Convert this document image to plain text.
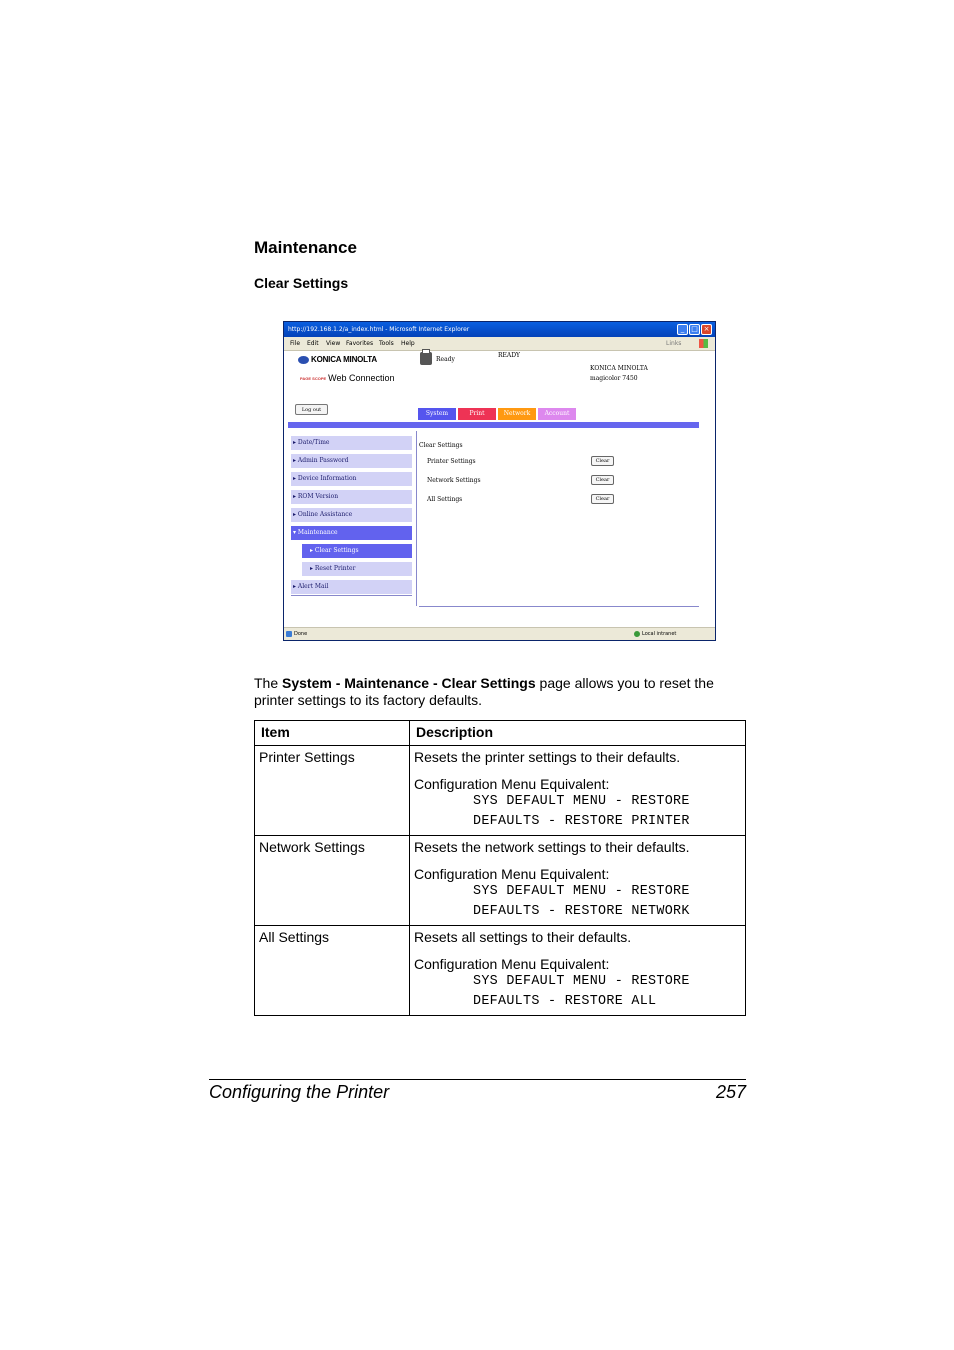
Maintenance
Clear Settings
http://192.168.1.2/a_index.html - Microsoft Internet Explorer	_ □ ×
File Edit View Favorites Tools Help	Links
KONICA MINOLTA
PAGE SCOPE Web Connection
Ready
READY
KONICA MINOLTA
magicolor 7450
Log out	System	Print	Network	Account
▸ Date/Time
▸ Admin Password
▸ Device Information
▸ ROM Version
▸ Online Assistance
▾ Maintenance
▸ Clear Settings
▸ Reset Printer
▸ Alert Mail
Clear Settings
Printer Settings	Clear
Network Settings	Clear
All Settings	Clear
Done	Local intranet
The System - Maintenance - Clear Settings page allows you to reset the printer settings to its factory defaults.
Item	Description
Printer Settings	Resets the printer settings to their defaults.
Configuration Menu Equivalent:
SYS DEFAULT MENU - RESTORE
DEFAULTS - RESTORE PRINTER

Network Settings	Resets the network settings to their defaults.
Configuration Menu Equivalent:
SYS DEFAULT MENU - RESTORE
DEFAULTS - RESTORE NETWORK

All Settings	Resets all settings to their defaults.
Configuration Menu Equivalent:
SYS DEFAULT MENU - RESTORE
DEFAULTS - RESTORE ALL
Configuring the Printer	257
